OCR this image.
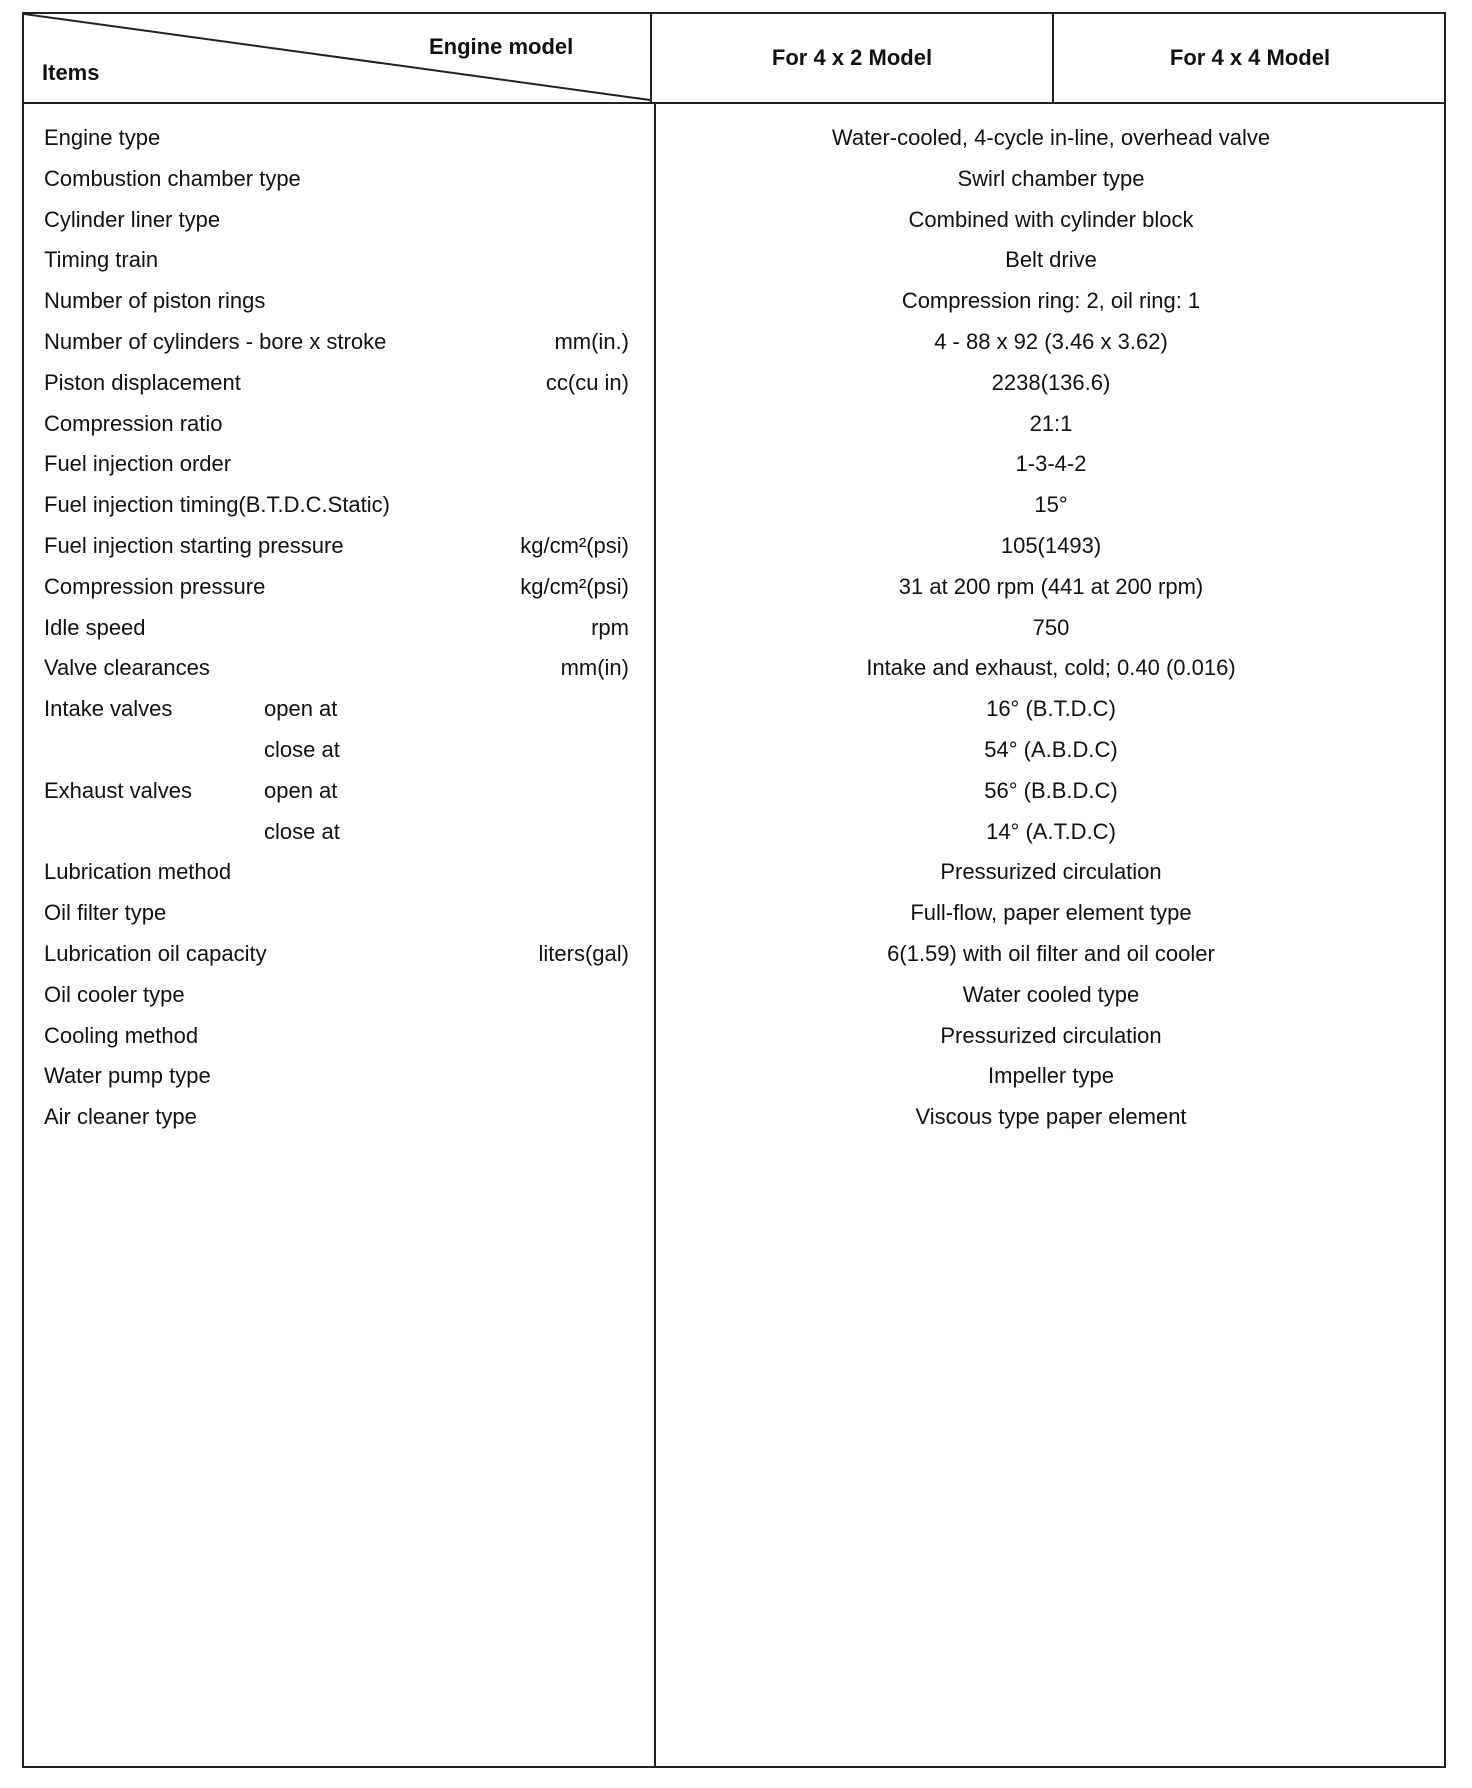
Engine model
Items
For 4 x 2 Model	For 4 x 4 Model
Engine type	Water-cooled, 4-cycle in-line, overhead valve
Combustion chamber type	Swirl chamber type
Cylinder liner type	Combined with cylinder block
Timing train	Belt drive
Number of piston rings	Compression ring: 2, oil ring: 1
Number of cylinders - bore x stroke	mm(in.)	4 - 88 x 92 (3.46 x 3.62)
Piston displacement	cc(cu in)	2238(136.6)
Compression ratio	21:1
Fuel injection order	1-3-4-2
Fuel injection timing(B.T.D.C.Static)	15°
Fuel injection starting pressure	kg/cm²(psi)	105(1493)
Compression pressure	kg/cm²(psi)	31 at 200 rpm (441 at 200 rpm)
Idle speed	rpm	750
Valve clearances	mm(in)	Intake and exhaust, cold; 0.40 (0.016)
Intake valves	open at	16° (B.T.D.C)
close at	54° (A.B.D.C)
Exhaust valves	open at	56° (B.B.D.C)
close at	14° (A.T.D.C)
Lubrication method	Pressurized circulation
Oil filter type	Full-flow, paper element type
Lubrication oil capacity	liters(gal)	6(1.59) with oil filter and oil cooler
Oil cooler type	Water cooled type
Cooling method	Pressurized circulation
Water pump type	Impeller type
Air cleaner type	Viscous type paper element
